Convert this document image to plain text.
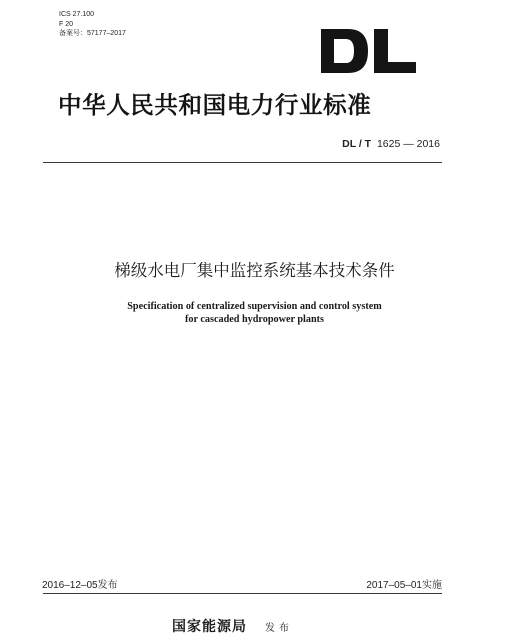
ICS 27.100
F 20
备案号：57177–2017
中华人民共和国电力行业标准
DL / T 1625 — 2016
梯级水电厂集中监控系统基本技术条件
Specification of centralized supervision and control system
for cascaded hydropower plants
2016–12–05发布	2017–05–01实施
国家能源局 发布
